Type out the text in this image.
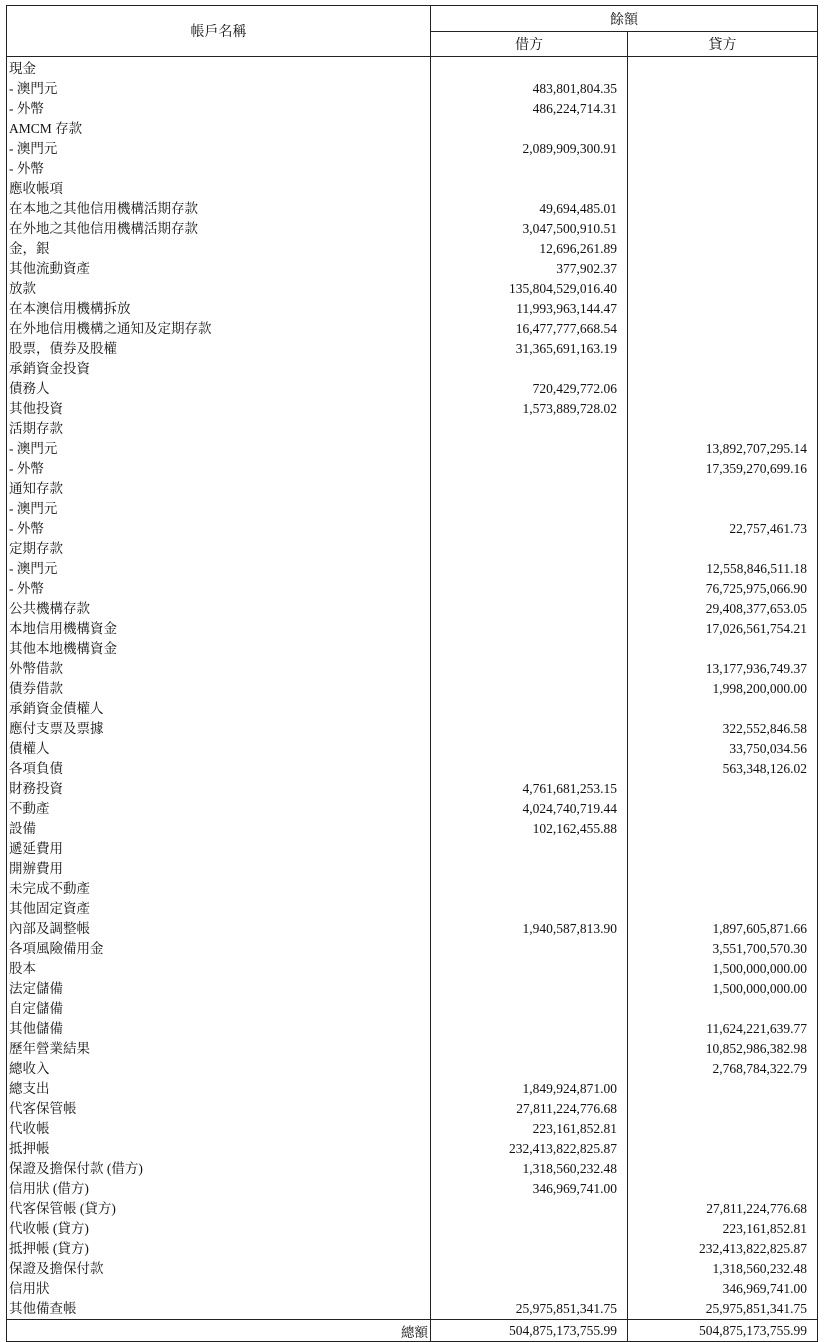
帳戶名稱	餘額	
	借方	貸方
現金		
- 澳門元	483,801,804.35	
- 外幣	486,224,714.31	
AMCM 存款		
- 澳門元	2,089,909,300.91	
- 外幣		
應收帳項		
在本地之其他信用機構活期存款	49,694,485.01	
在外地之其他信用機構活期存款	3,047,500,910.51	
金，銀	12,696,261.89	
其他流動資產	377,902.37	
放款	135,804,529,016.40	
在本澳信用機構拆放	11,993,963,144.47	
在外地信用機構之通知及定期存款	16,477,777,668.54	
股票，債券及股權	31,365,691,163.19	
承銷資金投資		
債務人	720,429,772.06	
其他投資	1,573,889,728.02	
活期存款		
- 澳門元		13,892,707,295.14
- 外幣		17,359,270,699.16
通知存款		
- 澳門元		
- 外幣		22,757,461.73
定期存款		
- 澳門元		12,558,846,511.18
- 外幣		76,725,975,066.90
公共機構存款		29,408,377,653.05
本地信用機構資金		17,026,561,754.21
其他本地機構資金		
外幣借款		13,177,936,749.37
債券借款		1,998,200,000.00
承銷資金債權人		
應付支票及票據		322,552,846.58
債權人		33,750,034.56
各項負債		563,348,126.02
財務投資	4,761,681,253.15	
不動產	4,024,740,719.44	
設備	102,162,455.88	
遞延費用		
開辦費用		
未完成不動產		
其他固定資產		
內部及調整帳	1,940,587,813.90	1,897,605,871.66
各項風險備用金		3,551,700,570.30
股本		1,500,000,000.00
法定儲備		1,500,000,000.00
自定儲備		
其他儲備		11,624,221,639.77
歷年營業結果		10,852,986,382.98
總收入		2,768,784,322.79
總支出	1,849,924,871.00	
代客保管帳	27,811,224,776.68	
代收帳	223,161,852.81	
抵押帳	232,413,822,825.87	
保證及擔保付款 (借方)	1,318,560,232.48	
信用狀 (借方)	346,969,741.00	
代客保管帳 (貸方)		27,811,224,776.68
代收帳 (貸方)		223,161,852.81
抵押帳 (貸方)		232,413,822,825.87
保證及擔保付款		1,318,560,232.48
信用狀		346,969,741.00
其他備查帳	25,975,851,341.75	25,975,851,341.75
總額	504,875,173,755.99	504,875,173,755.99
